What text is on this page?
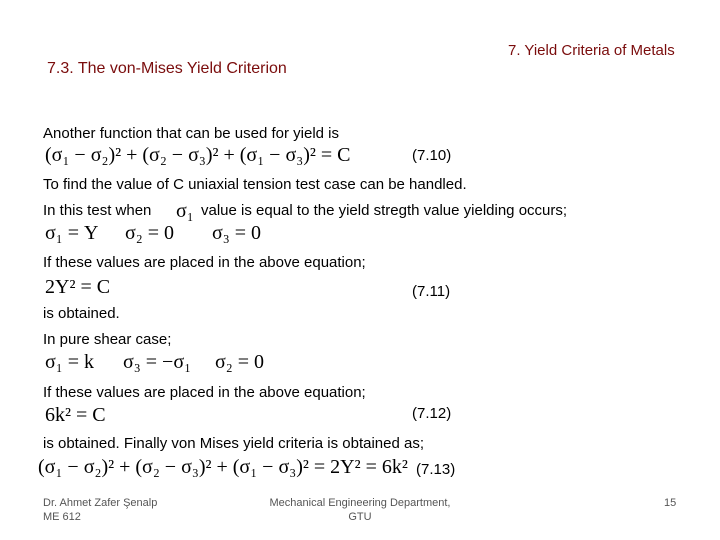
7. Yield Criteria of Metals
7.3. The von-Mises Yield Criterion
Another function that can be used for yield is
(σ₁ − σ₂)² + (σ₂ − σ₃)² + (σ₁ − σ₃)² = C	(7.10)
To find the value of C uniaxial tension test case can be handled.
In this test when σ₁ value is equal to the yield stregth value yielding occurs;
σ₁ = Y σ₂ = 0 σ₃ = 0
If these values are placed in the above equation;
2Y² = C	(7.11)
is obtained.
In pure shear case;
σ₁ = k σ₃ = −σ₁ σ₂ = 0
If these values are placed in the above equation;
6k² = C	(7.12)
is obtained. Finally von Mises yield criteria is obtained as;
(σ₁ − σ₂)² + (σ₂ − σ₃)² + (σ₁ − σ₃)² = 2Y² = 6k² (7.13)
Dr. Ahmet Zafer Şenalp
ME 612
Mechanical Engineering Department,
GTU
15
